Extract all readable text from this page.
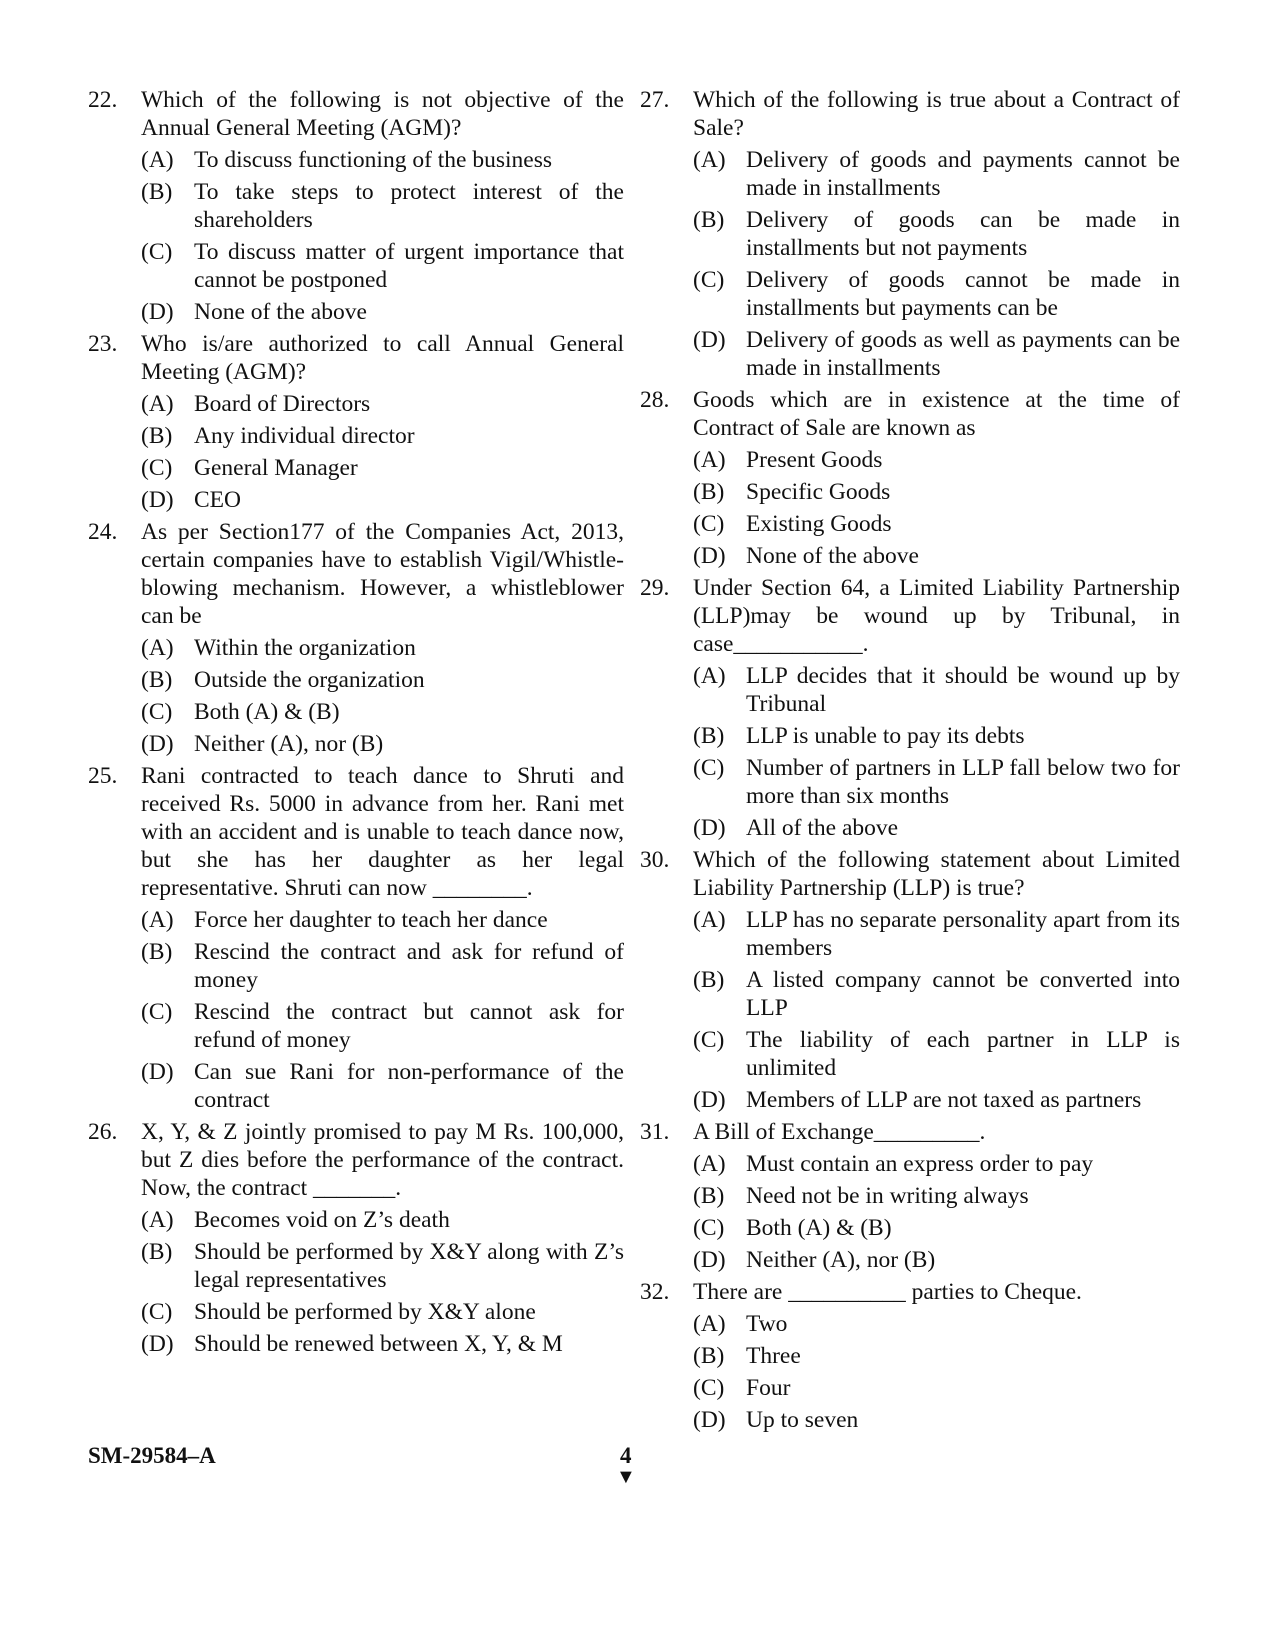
22. Which of the following is not objective of the Annual General Meeting (AGM)?
(A) To discuss functioning of the business
(B) To take steps to protect interest of the shareholders
(C) To discuss matter of urgent importance that cannot be postponed
(D) None of the above
23. Who is/are authorized to call Annual General Meeting (AGM)?
(A) Board of Directors
(B) Any individual director
(C) General Manager
(D) CEO
24. As per Section177 of the Companies Act, 2013, certain companies have to establish Vigil/Whistle-blowing mechanism. However, a whistleblower can be
(A) Within the organization
(B) Outside the organization
(C) Both (A) & (B)
(D) Neither (A), nor (B)
25. Rani contracted to teach dance to Shruti and received Rs. 5000 in advance from her. Rani met with an accident and is unable to teach dance now, but she has her daughter as her legal representative. Shruti can now ________.
(A) Force her daughter to teach her dance
(B) Rescind the contract and ask for refund of money
(C) Rescind the contract but cannot ask for refund of money
(D) Can sue Rani for non-performance of the contract
26. X, Y, & Z jointly promised to pay M Rs. 100,000, but Z dies before the performance of the contract. Now, the contract _______.
(A) Becomes void on Z’s death
(B) Should be performed by X&Y along with Z’s legal representatives
(C) Should be performed by X&Y alone
(D) Should be renewed between X, Y, & M
27. Which of the following is true about a Contract of Sale?
(A) Delivery of goods and payments cannot be made in installments
(B) Delivery of goods can be made in installments but not payments
(C) Delivery of goods cannot be made in installments but payments can be
(D) Delivery of goods as well as payments can be made in installments
28. Goods which are in existence at the time of Contract of Sale are known as
(A) Present Goods
(B) Specific Goods
(C) Existing Goods
(D) None of the above
29. Under Section 64, a Limited Liability Partnership (LLP)may be wound up by Tribunal, in case___________.
(A) LLP decides that it should be wound up by Tribunal
(B) LLP is unable to pay its debts
(C) Number of partners in LLP fall below two for more than six months
(D) All of the above
30. Which of the following statement about Limited Liability Partnership (LLP) is true?
(A) LLP has no separate personality apart from its members
(B) A listed company cannot be converted into LLP
(C) The liability of each partner in LLP is unlimited
(D) Members of LLP are not taxed as partners
31. A Bill of Exchange_________.
(A) Must contain an express order to pay
(B) Need not be in writing always
(C) Both (A) & (B)
(D) Neither (A), nor (B)
32. There are __________ parties to Cheque.
(A) Two
(B) Three
(C) Four
(D) Up to seven
SM-29584–A	4
▼
